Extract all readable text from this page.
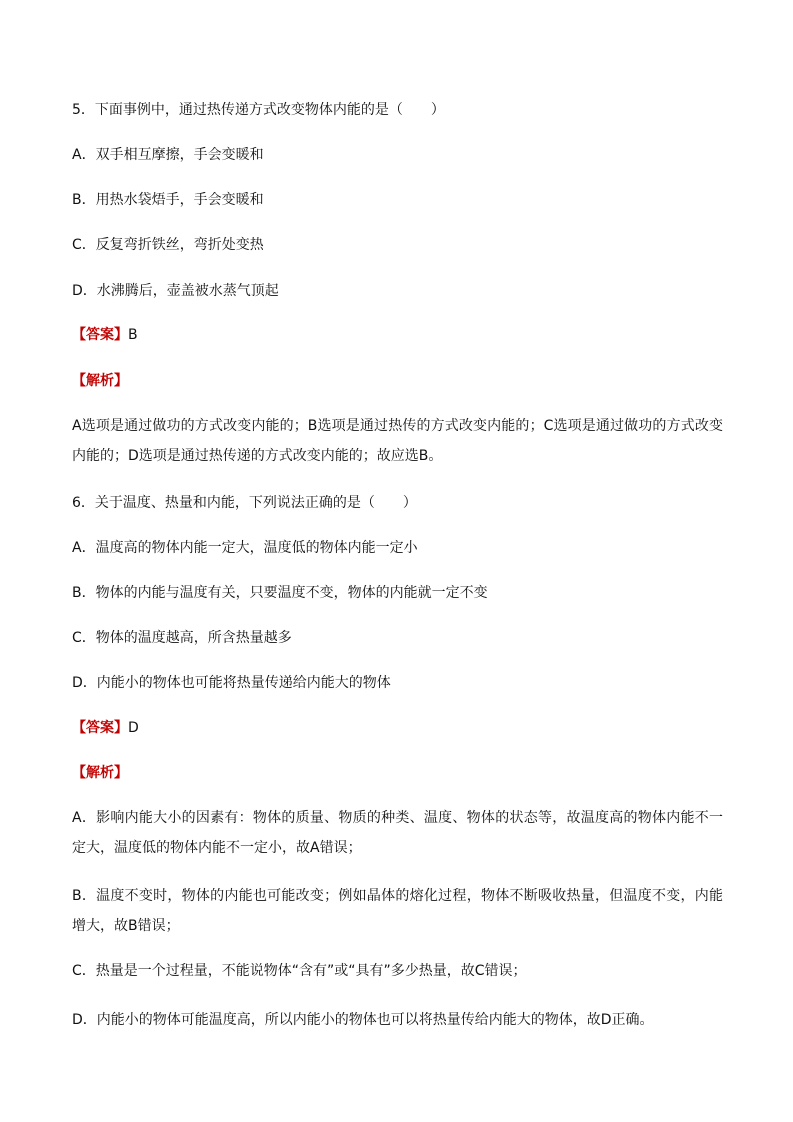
5．下面事例中，通过热传递方式改变物体内能的是（　　）
A．双手相互摩擦，手会变暖和
B．用热水袋焐手，手会变暖和
C．反复弯折铁丝，弯折处变热
D．水沸腾后，壶盖被水蒸气顶起
【答案】B
【解析】
A选项是通过做功的方式改变内能的；B选项是通过热传的方式改变内能的；C选项是通过做功的方式改变内能的；D选项是通过热传递的方式改变内能的；故应选B。
6．关于温度、热量和内能，下列说法正确的是（　　）
A．温度高的物体内能一定大，温度低的物体内能一定小
B．物体的内能与温度有关，只要温度不变，物体的内能就一定不变
C．物体的温度越高，所含热量越多
D．内能小的物体也可能将热量传递给内能大的物体
【答案】D
【解析】
A．影响内能大小的因素有：物体的质量、物质的种类、温度、物体的状态等，故温度高的物体内能不一定大，温度低的物体内能不一定小，故A错误；
B．温度不变时，物体的内能也可能改变；例如晶体的熔化过程，物体不断吸收热量，但温度不变，内能增大，故B错误；
C．热量是一个过程量，不能说物体“含有”或“具有”多少热量，故C错误；
D．内能小的物体可能温度高，所以内能小的物体也可以将热量传给内能大的物体，故D正确。
